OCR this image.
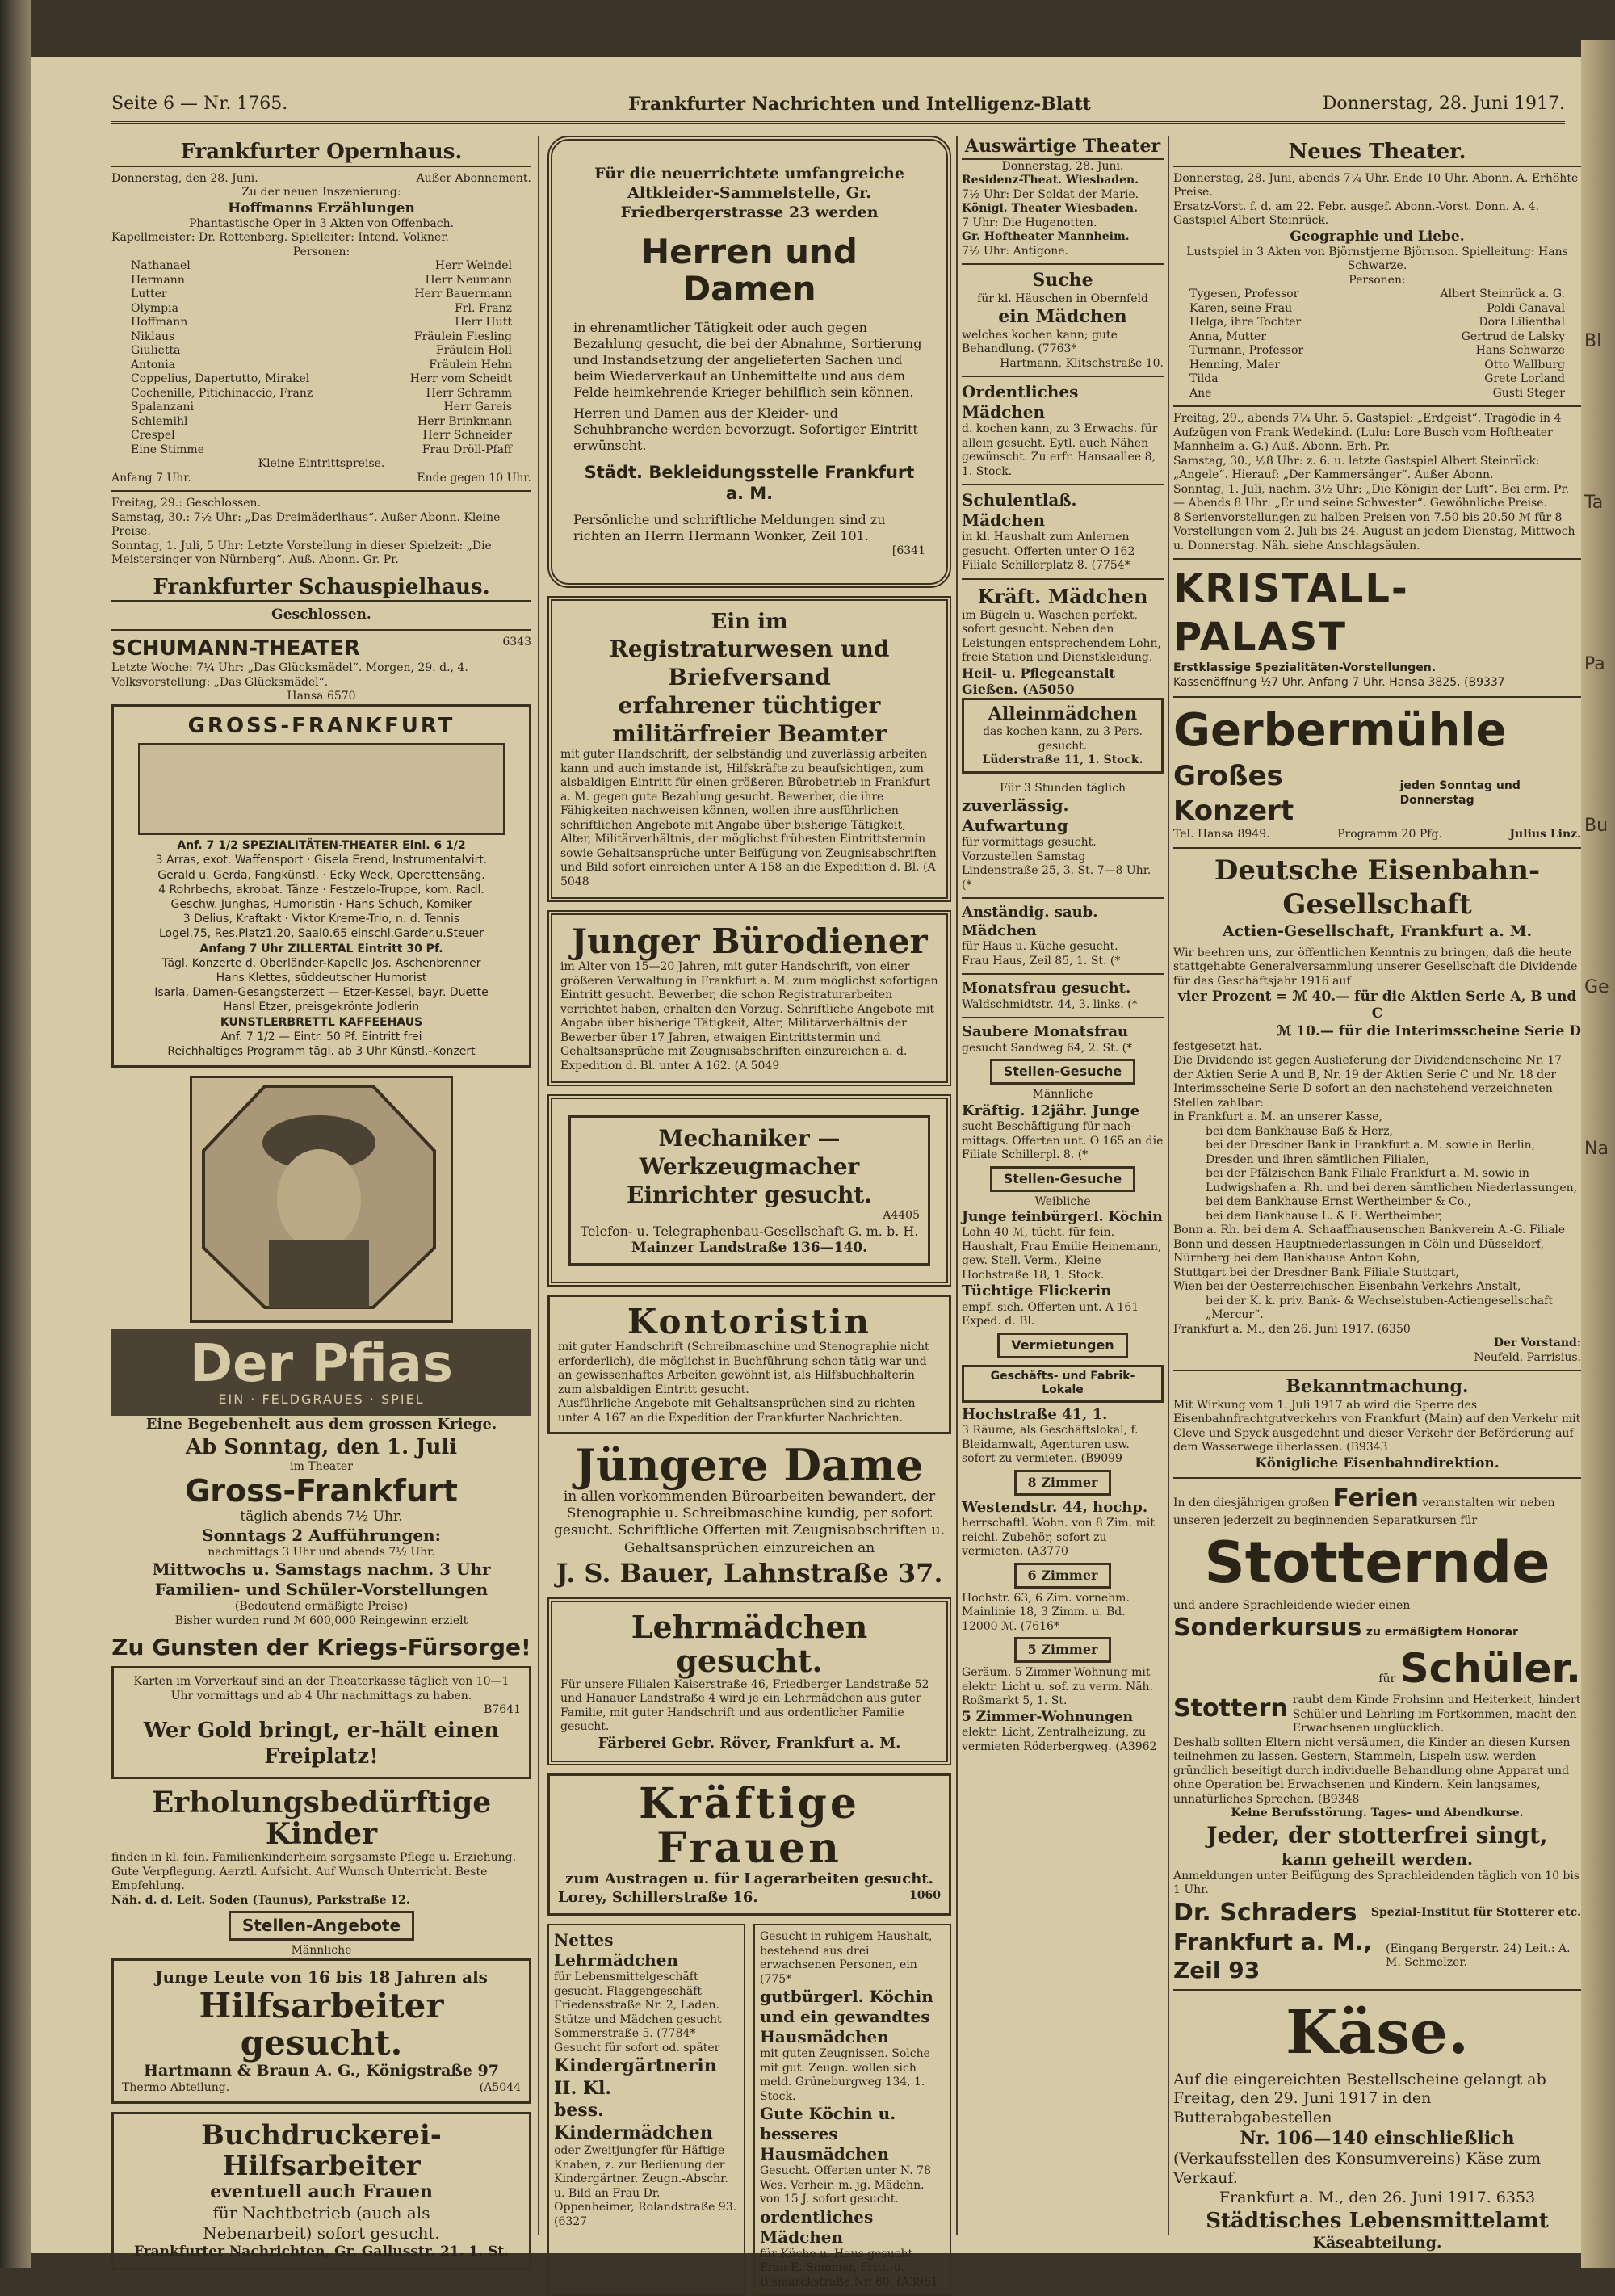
Bl
Ta
Pa
Bu
Ge
Na
Seite 6 — Nr. 1765.	Frankfurter Nachrichten und Intelligenz-Blatt	Donnerstag, 28. Juni 1917.
Frankfurter Opernhaus.
Donnerstag, den 28. Juni.	Außer Abonnement.
Zu der neuen Inszenierung:
Hoffmanns Erzählungen
Phantastische Oper in 3 Akten von Offenbach.
Kapellmeister: Dr. Rottenberg. Spielleiter: Intend. Volkner.
Personen:
Nathanael	Herr Weindel
Hermann	Herr Neumann
Lutter	Herr Bauermann
Olympia	Frl. Franz
Hoffmann	Herr Hutt
Niklaus	Fräulein Fiesling
Giulietta	Fräulein Holl
Antonia	Fräulein Helm
Coppelius, Dapertutto, Mirakel	Herr vom Scheidt
Cochenille, Pitichinaccio, Franz	Herr Schramm
Spalanzani	Herr Gareis
Schlemihl	Herr Brinkmann
Crespel	Herr Schneider
Eine Stimme	Frau Dröll-Pfaff
Kleine Eintrittspreise.
Anfang 7 Uhr.	Ende gegen 10 Uhr.
Freitag, 29.: Geschlossen.
Samstag, 30.: 7½ Uhr: „Das Dreimäderlhaus“. Außer Abonn. Kleine Preise.
Sonntag, 1. Juli, 5 Uhr: Letzte Vorstellung in dieser Spielzeit: „Die Meistersinger von Nürnberg“. Auß. Abonn. Gr. Pr.
Frankfurter Schauspielhaus.
Geschlossen.
SCHUMANN-THEATER	6343
Letzte Woche: 7¼ Uhr: „Das Glücksmädel“. Morgen, 29. d., 4. Volksvorstellung: „Das Glücksmädel“.
Hansa 6570
GROSS-FRANKFURT
Anf. 7 1/2 SPEZIALITÄTEN-THEATER Einl. 6 1/2
3 Arras, exot. Waffensport · Gisela Erend, Instrumentalvirt.
Gerald u. Gerda, Fangkünstl. · Ecky Weck, Operettensäng.
4 Rohrbechs, akrobat. Tänze · Festzelo-Truppe, kom. Radl.
Geschw. Junghas, Humoristin · Hans Schuch, Komiker
3 Delius, Kraftakt · Viktor Kreme-Trio, n. d. Tennis
Logel.75, Res.Platz1.20, Saal0.65 einschl.Garder.u.Steuer
Anfang 7 Uhr ZILLERTAL Eintritt 30 Pf.
Tägl. Konzerte d. Oberländer-Kapelle Jos. Aschenbrenner
Hans Klettes, süddeutscher Humorist
Isarla, Damen-Gesangsterzett — Etzer-Kessel, bayr. Duette
Hansl Etzer, preisgekrönte Jodlerin
KUNSTLERBRETTL KAFFEEHAUS
Anf. 7 1/2 — Eintr. 50 Pf. Eintritt frei
Reichhaltiges Programm tägl. ab 3 Uhr Künstl.-Konzert
Der Pfias
EIN · FELDGRAUES · SPIEL
Eine Begebenheit aus dem grossen Kriege.
Ab Sonntag, den 1. Juli
im Theater
Gross-Frankfurt
täglich abends 7½ Uhr.
Sonntags 2 Aufführungen:
nachmittags 3 Uhr und abends 7½ Uhr.
Mittwochs u. Samstags nachm. 3 Uhr
Familien- und Schüler-Vorstellungen
(Bedeutend ermäßigte Preise)
Bisher wurden rund ℳ 600,000 Reingewinn erzielt
Zu Gunsten der Kriegs-Fürsorge!
Karten im Vorverkauf sind an der Theaterkasse täglich von 10—1 Uhr vormittags und ab 4 Uhr nachmittags zu haben.
B7641
Wer Gold bringt, er-hält einen Freiplatz!
Erholungsbedürftige Kinder
finden in kl. fein. Familienkinderheim sorgsamste Pflege u. Erziehung. Gute Verpflegung. Aerztl. Aufsicht. Auf Wunsch Unterricht. Beste Empfehlung.
Näh. d. d. Leit. Soden (Taunus), Parkstraße 12.
Stellen-Angebote
Männliche
Junge Leute von 16 bis 18 Jahren als
Hilfsarbeiter gesucht.
Hartmann & Braun A. G., Königstraße 97
Thermo-Abteilung.	(A5044
Buchdruckerei-Hilfsarbeiter
eventuell auch Frauen
für Nachtbetrieb (auch als
Nebenarbeit) sofort gesucht.
Frankfurter Nachrichten, Gr. Gallusstr. 21. 1. St.
Für die neuerrichtete umfangreiche Altkleider-Sammelstelle, Gr. Friedbergerstrasse 23 werden
Herren und Damen
in ehrenamtlicher Tätigkeit oder auch gegen Bezahlung gesucht, die bei der Abnahme, Sortierung und Instandsetzung der angelieferten Sachen und beim Wiederverkauf an Unbemittelte und aus dem Felde heimkehrende Krieger behilflich sein können.
Herren und Damen aus der Kleider- und Schuhbranche werden bevorzugt. Sofortiger Eintritt erwünscht.
Städt. Bekleidungsstelle Frankfurt a. M.
Persönliche und schriftliche Meldungen sind zu richten an Herrn Hermann Wonker, Zeil 101.
[6341
Ein im
Registraturwesen und Briefversand
erfahrener tüchtiger militärfreier Beamter
mit guter Handschrift, der selbständig und zuverlässig arbeiten kann und auch imstande ist, Hilfskräfte zu beaufsichtigen, zum alsbaldigen Eintritt für einen größeren Bürobetrieb in Frankfurt a. M. gegen gute Bezahlung gesucht. Bewerber, die ihre Fähigkeiten nachweisen können, wollen ihre ausführlichen schriftlichen Angebote mit Angabe über bisherige Tätigkeit, Alter, Militärverhältnis, der möglichst frühesten Eintrittstermin sowie Gehaltsansprüche unter Beifügung von Zeugnisabschriften und Bild sofort einreichen unter A 158 an die Expedition d. Bl. (A 5048
Junger Bürodiener
im Alter von 15—20 Jahren, mit guter Handschrift, von einer größeren Verwaltung in Frankfurt a. M. zum möglichst sofortigen Eintritt gesucht. Bewerber, die schon Registraturarbeiten verrichtet haben, erhalten den Vorzug. Schriftliche Angebote mit Angabe über bisherige Tätigkeit, Alter, Militärverhältnis der Bewerber über 17 Jahren, etwaigen Eintrittstermin und Gehaltsansprüche mit Zeugnisabschriften einzureichen a. d. Expedition d. Bl. unter A 162. (A 5049
Mechaniker — Werkzeugmacher
Einrichter gesucht.
A4405
Telefon- u. Telegraphenbau-Gesellschaft G. m. b. H.
Mainzer Landstraße 136—140.
Kontoristin
mit guter Handschrift (Schreibmaschine und Stenographie nicht erforderlich), die möglichst in Buchführung schon tätig war und an gewissenhaftes Arbeiten gewöhnt ist, als Hilfsbuchhalterin zum alsbaldigen Eintritt gesucht.
Ausführliche Angebote mit Gehaltsansprüchen sind zu richten unter A 167 an die Expedition der Frankfurter Nachrichten.
Jüngere Dame
in allen vorkommenden Büroarbeiten bewandert, der Stenographie u. Schreibmaschine kundig, per sofort gesucht. Schriftliche Offerten mit Zeugnisabschriften u. Gehaltsansprüchen einzureichen an
J. S. Bauer, Lahnstraße 37.
Lehrmädchen gesucht.
Für unsere Filialen Kaiserstraße 46, Friedberger Landstraße 52 und Hanauer Landstraße 4 wird je ein Lehrmädchen aus guter Familie, mit guter Handschrift und aus ordentlicher Familie gesucht.
Färberei Gebr. Röver, Frankfurt a. M.
Kräftige Frauen
zum Austragen u. für Lagerarbeiten gesucht.
Lorey, Schillerstraße 16.	1060
Nettes Lehrmädchen
für Lebensmittelgeschäft gesucht. Flaggengeschäft Friedensstraße Nr. 2, Laden.
Stütze und Mädchen gesucht Sommerstraße 5. (7784*
Gesucht für sofort od. später
Kindergärtnerin II. Kl.
bess. Kindermädchen
oder Zweitjungfer für Häftige Knaben, z. zur Bedienung der Kindergärtner. Zeugn.-Abschr. u. Bild an Frau Dr. Oppenheimer, Rolandstraße 93. (6327
Gesucht in ruhigem Haushalt, bestehend aus drei erwachsenen Personen, ein (775*
gutbürgerl. Köchin und ein gewandtes Hausmädchen
mit guten Zeugnissen. Solche mit gut. Zeugn. wollen sich meld. Grüneburgweg 134, 1. Stock.
Gute Köchin u. besseres Hausmädchen
Gesucht. Offerten unter N. 78 Wes. Verheir. m. jg. Mädchn. von 15 J. sofort gesucht.
ordentliches Mädchen
für Küche u. Haus gesucht. Frau E. Sommer, Fritt.-u. Bismarckstraße Nr. 60. (A3961
Auswärtige Theater
Donnerstag, 28. Juni.
Residenz-Theat. Wiesbaden.
7½ Uhr: Der Soldat der Marie.
Königl. Theater Wiesbaden.
7 Uhr: Die Hugenotten.
Gr. Hoftheater Mannheim.
7½ Uhr: Antigone.
Suche
für kl. Häuschen in Obernfeld
ein Mädchen
welches kochen kann; gute Behandlung. (7763*
Hartmann, Klitschstraße 10.
Ordentliches Mädchen
d. kochen kann, zu 3 Erwachs. für allein gesucht. Eytl. auch Nähen gewünscht. Zu erfr. Hansaallee 8, 1. Stock.
Schulentlaß. Mädchen
in kl. Haushalt zum Anlernen gesucht. Offerten unter O 162 Filiale Schillerplatz 8. (7754*
Kräft. Mädchen
im Bügeln u. Waschen perfekt, sofort gesucht. Neben den Leistungen entsprechendem Lohn, freie Station und Dienstkleidung.
Heil- u. Pflegeanstalt Gießen. (A5050
Alleinmädchen
das kochen kann, zu 3 Pers. gesucht.
Lüderstraße 11, 1. Stock.
Für 3 Stunden täglich
zuverlässig. Aufwartung
für vormittags gesucht. Vorzustellen Samstag Lindenstraße 25, 3. St. 7—8 Uhr. (*
Anständig. saub. Mädchen
für Haus u. Küche gesucht.
Frau Haus, Zeil 85, 1. St. (*
Monatsfrau gesucht.
Waldschmidtstr. 44, 3. links. (*
Saubere Monatsfrau
gesucht Sandweg 64, 2. St. (*
Stellen-Gesuche
Männliche
Kräftig. 12jähr. Junge
sucht Beschäftigung für nach-mittags. Offerten unt. O 165 an die Filiale Schillerpl. 8. (*
Stellen-Gesuche
Weibliche
Junge feinbürgerl. Köchin
Lohn 40 ℳ, tücht. für fein. Haushalt, Frau Emilie Heinemann, gew. Stell.-Verm., Kleine Hochstraße 18, 1. Stock.
Tüchtige Flickerin
empf. sich. Offerten unt. A 161 Exped. d. Bl.
Vermietungen
Geschäfts- und Fabrik-Lokale
Hochstraße 41, 1.
3 Räume, als Geschäftslokal, f. Bleidamwalt, Agenturen usw. sofort zu vermieten. (B9099
8 Zimmer
Westendstr. 44, hochp.
herrschaftl. Wohn. von 8 Zim. mit reichl. Zubehör, sofort zu vermieten. (A3770
6 Zimmer
Hochstr. 63, 6 Zim. vornehm. Mainlinie 18, 3 Zimm. u. Bd. 12000 ℳ. (7616*
5 Zimmer
Geräum. 5 Zimmer-Wohnung mit elektr. Licht u. sof. zu verm. Näh. Roßmarkt 5, 1. St.
5 Zimmer-Wohnungen
elektr. Licht, Zentralheizung, zu vermieten Röderbergweg. (A3962
Neues Theater.
Donnerstag, 28. Juni, abends 7¼ Uhr. Ende 10 Uhr. Abonn. A. Erhöhte Preise.
Ersatz-Vorst. f. d. am 22. Febr. ausgef. Abonn.-Vorst. Donn. A. 4. Gastspiel Albert Steinrück.
Geographie und Liebe.
Lustspiel in 3 Akten von Björnstjerne Björnson. Spielleitung: Hans Schwarze.
Personen:
Tygesen, Professor	Albert Steinrück a. G.
Karen, seine Frau	Poldi Canaval
Helga, ihre Tochter	Dora Lilienthal
Anna, Mutter	Gertrud de Lalsky
Turmann, Professor	Hans Schwarze
Henning, Maler	Otto Wallburg
Tilda	Grete Lorland
Ane	Gusti Steger
Freitag, 29., abends 7¼ Uhr. 5. Gastspiel: „Erdgeist“. Tragödie in 4 Aufzügen von Frank Wedekind. (Lulu: Lore Busch vom Hoftheater Mannheim a. G.) Auß. Abonn. Erh. Pr.
Samstag, 30., ½8 Uhr: z. 6. u. letzte Gastspiel Albert Steinrück: „Angele“. Hierauf: „Der Kammersänger“. Außer Abonn.
Sonntag, 1. Juli, nachm. 3½ Uhr: „Die Königin der Luft“. Bei erm. Pr. — Abends 8 Uhr: „Er und seine Schwester“. Gewöhnliche Preise.
8 Serienvorstellungen zu halben Preisen von 7.50 bis 20.50 ℳ für 8 Vorstellungen vom 2. Juli bis 24. August an jedem Dienstag, Mittwoch u. Donnerstag. Näh. siehe Anschlagsäulen.
KRISTALL-PALAST
Erstklassige Spezialitäten-Vorstellungen.
Kassenöffnung ½7 Uhr. Anfang 7 Uhr. Hansa 3825. (B9337
Gerbermühle
Großes Konzert
jeden Sonntag und Donnerstag
Tel. Hansa 8949.	Programm 20 Pfg.	Julius Linz.
Deutsche Eisenbahn-Gesellschaft
Actien-Gesellschaft, Frankfurt a. M.
Wir beehren uns, zur öffentlichen Kenntnis zu bringen, daß die heute stattgehabte Generalversammlung unserer Gesellschaft die Dividende für das Geschäftsjahr 1916 auf
vier Prozent = ℳ 40.— für die Aktien Serie A, B und C
ℳ 10.— für die Interimsscheine Serie D
festgesetzt hat.
Die Dividende ist gegen Auslieferung der Dividendenscheine Nr. 17 der Aktien Serie A und B, Nr. 19 der Aktien Serie C und Nr. 18 der Interimsscheine Serie D sofort an den nachstehend verzeichneten Stellen zahlbar:
in Frankfurt a. M. an unserer Kasse,
bei dem Bankhause Baß & Herz,
bei der Dresdner Bank in Frankfurt a. M. sowie in Berlin, Dresden und ihren sämtlichen Filialen,
bei der Pfälzischen Bank Filiale Frankfurt a. M. sowie in Ludwigshafen a. Rh. und bei deren sämtlichen Niederlassungen,
bei dem Bankhause Ernst Wertheimber & Co.,
bei dem Bankhause L. & E. Wertheimber,
Bonn a. Rh. bei dem A. Schaaffhausenschen Bankverein A.-G. Filiale Bonn und dessen Hauptniederlassungen in Cöln und Düsseldorf,
Nürnberg bei dem Bankhause Anton Kohn,
Stuttgart bei der Dresdner Bank Filiale Stuttgart,
Wien bei der Oesterreichischen Eisenbahn-Verkehrs-Anstalt,
bei der K. k. priv. Bank- & Wechselstuben-Actiengesellschaft „Mercur“.
Frankfurt a. M., den 26. Juni 1917. (6350
Der Vorstand:
Neufeld. Parrisius.
Bekanntmachung.
Mit Wirkung vom 1. Juli 1917 ab wird die Sperre des Eisenbahnfrachtgutverkehrs von Frankfurt (Main) auf den Verkehr mit Cleve und Spyck ausgedehnt und dieser Verkehr der Beförderung auf dem Wasserwege überlassen. (B9343
Königliche Eisenbahndirektion.
In den diesjährigen großen Ferien veranstalten wir neben unseren jederzeit zu beginnenden Separatkursen für
Stotternde
und andere Sprachleidende wieder einen
Sonderkursus zu ermäßigtem Honorar
für Schüler.
Stottern raubt dem Kinde Frohsinn und Heiterkeit, hindert Schüler und Lehrling im Fortkommen, macht den Erwachsenen unglücklich.
Deshalb sollten Eltern nicht versäumen, die Kinder an diesen Kursen teilnehmen zu lassen. Gestern, Stammeln, Lispeln usw. werden gründlich beseitigt durch individuelle Behandlung ohne Apparat und ohne Operation bei Erwachsenen und Kindern. Kein langsames, unnatürliches Sprechen. (B9348
Keine Berufsstörung. Tages- und Abendkurse.
Jeder, der stotterfrei singt,
kann geheilt werden.
Anmeldungen unter Beifügung des Sprachleidenden täglich von 10 bis 1 Uhr.
Dr. Schraders Spezial-Institut für Stotterer etc.
Frankfurt a. M., Zeil 93
(Eingang Bergerstr. 24) Leit.: A. M. Schmelzer.
Käse.
Auf die eingereichten Bestellscheine gelangt ab Freitag, den 29. Juni 1917 in den Butterabgabestellen
Nr. 106—140 einschließlich
(Verkaufsstellen des Konsumvereins) Käse zum Verkauf.
Frankfurt a. M., den 26. Juni 1917. 6353
Städtisches Lebensmittelamt
Käseabteilung.
